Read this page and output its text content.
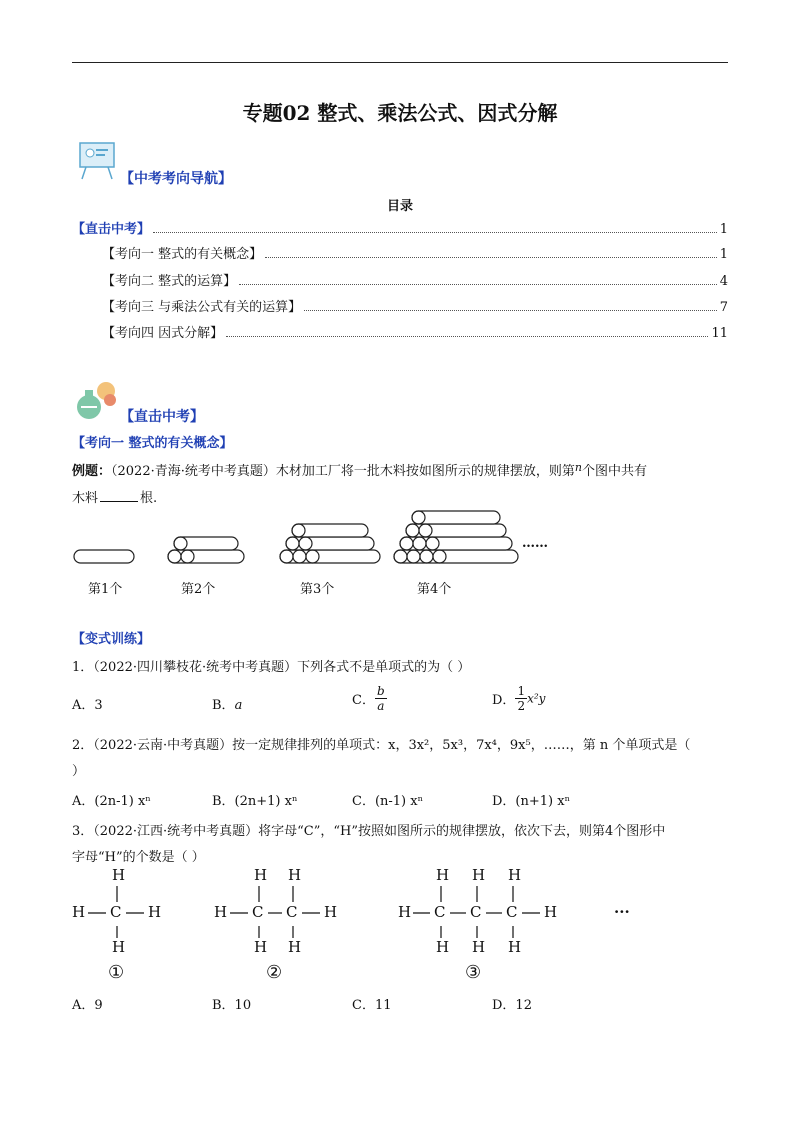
专题02 整式、乘法公式、因式分解
【中考考向导航】
目录
【直击中考】	1
【考向一 整式的有关概念】	1
【考向二 整式的运算】	4
【考向三 与乘法公式有关的运算】	7
【考向四 因式分解】	11
【直击中考】
【考向一 整式的有关概念】
例题：（2022·青海·统考中考真题）木材加工厂将一批木料按如图所示的规律摆放，则第$^n$个图中共有
木料	根.
……
第1个	第2个	第3个	第4个
【变式训练】
1．（2022·四川攀枝花·统考中考真题）下列各式不是单项式的为（ ）
A．3	B．a	C． $\frac{b}{a}$	D． $\frac{1}{2} x^2y$
2．（2022·云南·中考真题）按一定规律排列的单项式：x，3x²，5x³，7x⁴，9x⁵，……，第 n 个单项式是（
）
A．(2n-1) xⁿ	B．(2n+1) xⁿ	C．(n-1) xⁿ	D．(n+1) xⁿ
3．（2022·江西·统考中考真题）将字母“C”，“H”按照如图所示的规律摆放，依次下去，则第4个图形中
字母“H”的个数是（ ）
H
H C H
H
H H
H C C H
H H
H H H
H C C C H
H H H
···
①	②	③
A．9	B．10	C．11	D．12
